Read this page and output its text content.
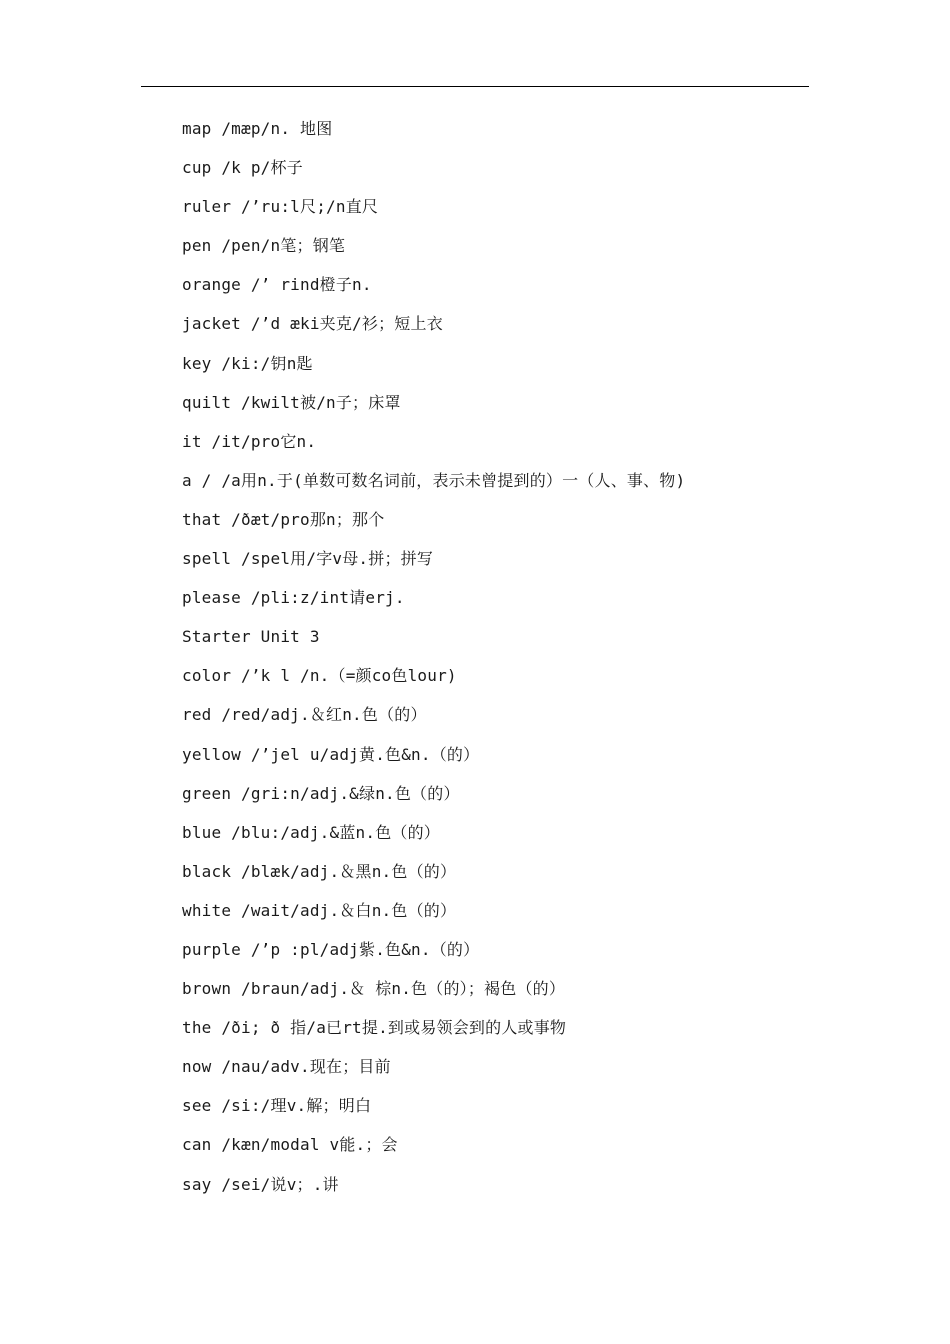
map /mæp/n. 地图
cup /k p/杯子
ruler /’ru:l尺;/n直尺
pen /pen/n笔；钢笔
orange /’ rind橙子n.
jacket /’d æki夹克/衫；短上衣
key /ki:/钥n匙
quilt /kwilt被/n子；床罩
it /it/pro它n.
a / /a用n.于(单数可数名词前，表示未曾提到的）一（人、事、物)
that /ðæt/pro那n；那个
spell /spel用/字v母.拼；拼写
please /pli:z/int请erj.
Starter Unit 3
color /’k l /n.（=颜co色lour)
red /red/adj.＆红n.色（的）
yellow /’jel u/adj黄.色&n.（的）
green /gri:n/adj.&绿n.色（的）
blue /blu:/adj.&蓝n.色（的）
black /blæk/adj.＆黑n.色（的）
white /wait/adj.＆白n.色（的）
purple /’p :pl/adj紫.色&n.（的）
brown /braun/adj.＆ 棕n.色（的）；褐色（的）
the /ði; ð 指/a已rt提.到或易领会到的人或事物
now /nau/adv.现在；目前
see /si:/理v.解；明白
can /kæn/modal v能.；会
say /sei/说v；.讲
